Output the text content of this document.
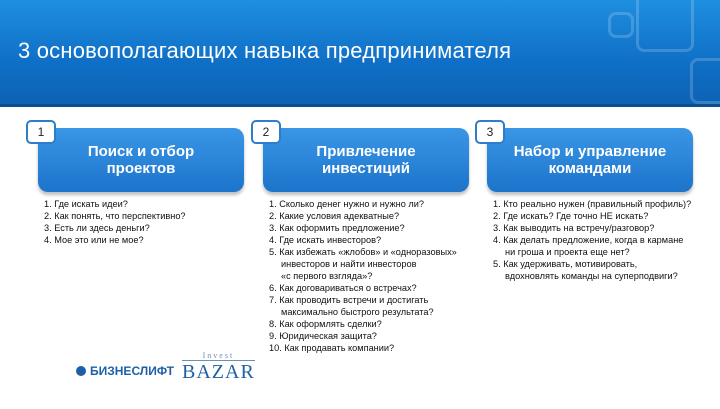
3 основополагающих навыка предпринимателя
1
Поиск и отбор
проектов
1. Где искать идеи?
2. Как понять, что перспективно?
3. Есть ли здесь деньги?
4. Мое это или не мое?
2
Привлечение
инвестиций
1. Сколько денег нужно и нужно ли?
2. Какие условия адекватные?
3. Как оформить предложение?
4. Где искать инвесторов?
5. Как избежать «жлобов» и «одноразовых»
инвесторов и найти инвесторов
«с первого взгляда»?
6. Как договариваться о встречах?
7. Как проводить встречи и достигать
максимально быстрого результата?
8. Как оформлять сделки?
9. Юридическая защита?
10. Как продавать компании?
3
Набор и управление
командами
1. Кто реально нужен (правильный профиль)?
2. Где искать? Где точно НЕ искать?
3. Как выводить на встречу/разговор?
4. Как делать предложение, когда в кармане
ни гроша и проекта еще нет?
5. Как удерживать, мотивировать,
вдохновлять команды на суперподвиги?
БИЗНЕСЛИФТ
Invest
BAZAR
